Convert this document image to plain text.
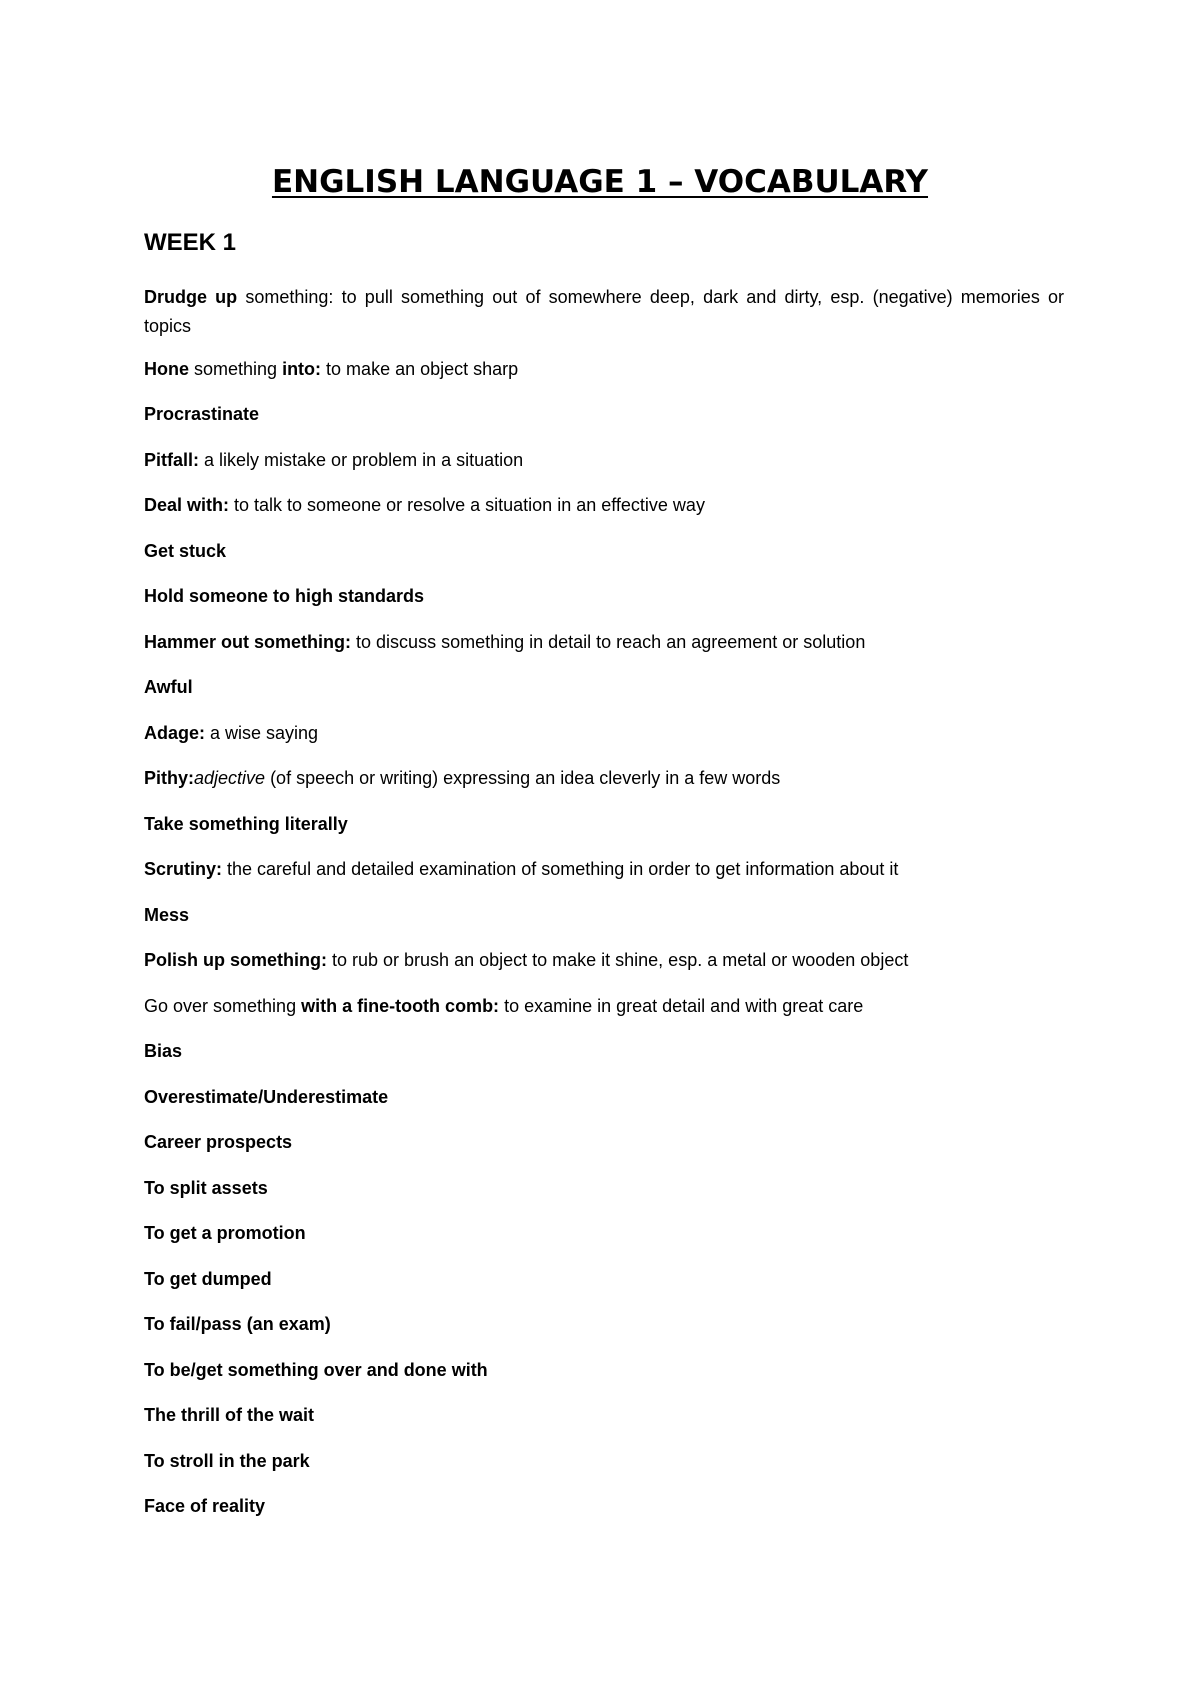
ENGLISH LANGUAGE 1 – VOCABULARY
WEEK 1
Drudge up something: to pull something out of somewhere deep, dark and dirty, esp. (negative) memories or topics
Hone something into: to make an object sharp
Procrastinate
Pitfall: a likely mistake or problem in a situation
Deal with: to talk to someone or resolve a situation in an effective way
Get stuck
Hold someone to high standards
Hammer out something: to discuss something in detail to reach an agreement or solution
Awful
Adage: a wise saying
Pithy:adjective (of speech or writing) expressing an idea cleverly in a few words
Take something literally
Scrutiny: the careful and detailed examination of something in order to get information about it
Mess
Polish up something: to rub or brush an object to make it shine, esp. a metal or wooden object
Go over something with a fine-tooth comb: to examine in great detail and with great care
Bias
Overestimate/Underestimate
Career prospects
To split assets
To get a promotion
To get dumped
To fail/pass (an exam)
To be/get something over and done with
The thrill of the wait
To stroll in the park
Face of reality
